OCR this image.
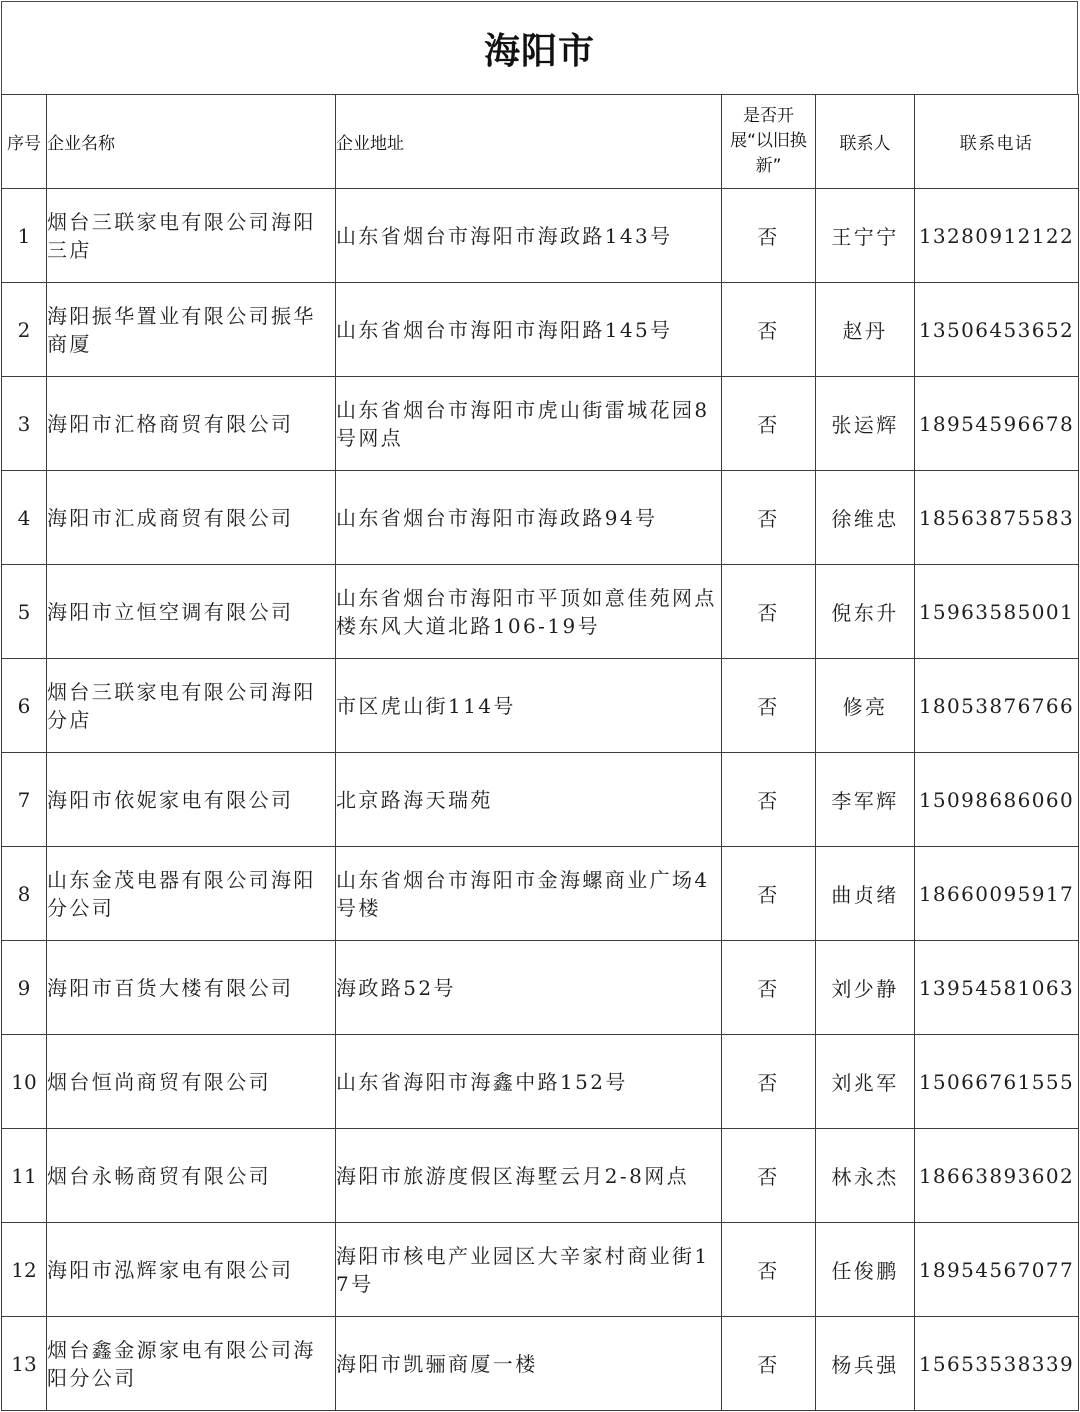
海阳市
序号	企业名称	企业地址	是否开展“以旧换新”	联系人	联系电话

1	烟台三联家电有限公司海阳三店	山东省烟台市海阳市海政路143号	否	王宁宁	13280912122

2	海阳振华置业有限公司振华商厦	山东省烟台市海阳市海阳路145号	否	赵丹	13506453652

3	海阳市汇格商贸有限公司	山东省烟台市海阳市虎山街雷城花园8号网点	否	张运辉	18954596678

4	海阳市汇成商贸有限公司	山东省烟台市海阳市海政路94号	否	徐维忠	18563875583

5	海阳市立恒空调有限公司	山东省烟台市海阳市平顶如意佳苑网点楼东风大道北路106-19号	否	倪东升	15963585001

6	烟台三联家电有限公司海阳分店	市区虎山街114号	否	修亮	18053876766

7	海阳市依妮家电有限公司	北京路海天瑞苑	否	李军辉	15098686060

8	山东金茂电器有限公司海阳分公司	山东省烟台市海阳市金海螺商业广场4号楼	否	曲贞绪	18660095917

9	海阳市百货大楼有限公司	海政路52号	否	刘少静	13954581063

10	烟台恒尚商贸有限公司	山东省海阳市海鑫中路152号	否	刘兆军	15066761555

11	烟台永畅商贸有限公司	海阳市旅游度假区海墅云月2-8网点	否	林永杰	18663893602

12	海阳市泓辉家电有限公司	海阳市核电产业园区大辛家村商业街17号	否	任俊鹏	18954567077

13	烟台鑫金源家电有限公司海阳分公司	海阳市凯骊商厦一楼	否	杨兵强	15653538339
